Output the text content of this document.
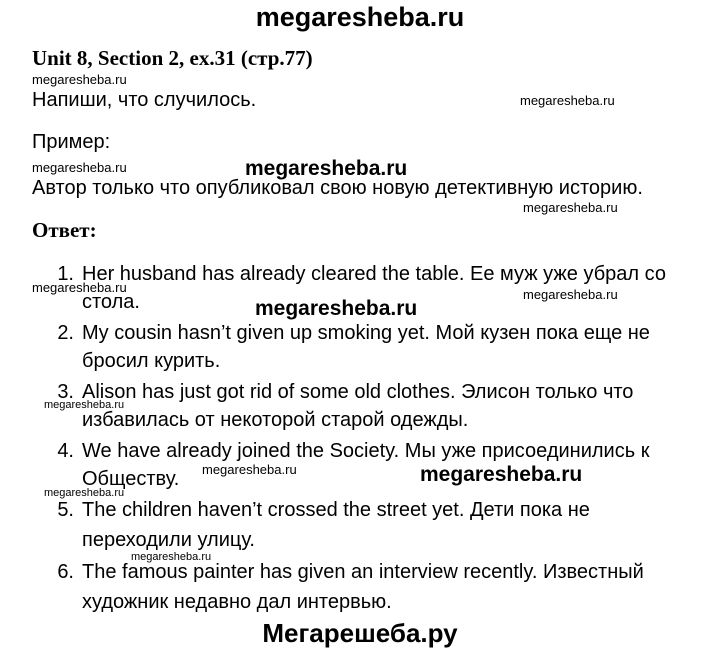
megaresheba.ru
Unit 8, Section 2, ex.31 (стр.77)
megaresheba.ru
Напиши, что случилось.	megaresheba.ru
Пример:
megaresheba.ru	megaresheba.ru
Автор только что опубликовал свою новую детективную историю.
megaresheba.ru
Ответ:
1. Her husband has already cleared the table. Ее муж уже убрал со
megaresheba.ru
стола.	megaresheba.ru
megaresheba.ru
2. My cousin hasn’t given up smoking yet. Мой кузен пока еще не
бросил курить.
3. Alison has just got rid of some old clothes. Элисон только что
megaresheba.ru
избавилась от некоторой старой одежды.
4. We have already joined the Society. Мы уже присоединились к
Обществу. megaresheba.ru	megaresheba.ru
megaresheba.ru
5. The children haven’t crossed the street yet. Дети пока не
переходили улицу.
megaresheba.ru
6. The famous painter has given an interview recently. Известный
художник недавно дал интервью.
Мегарешеба.ру
